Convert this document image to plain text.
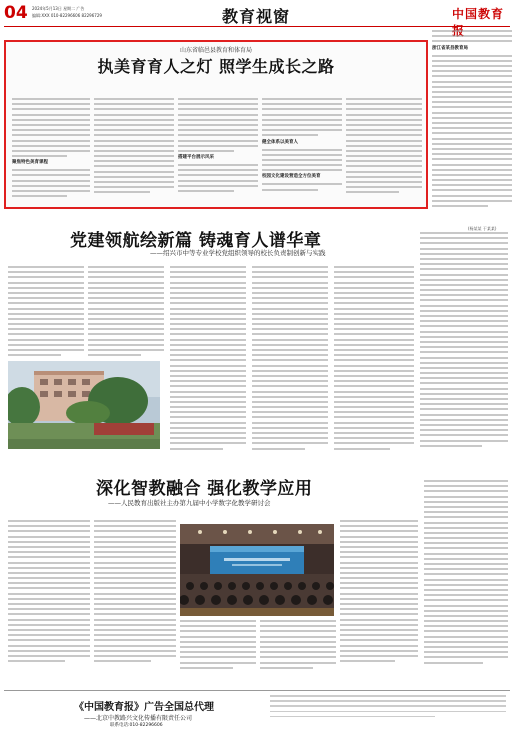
04 2024年5月13日 星期二 广告
编辑:XXX 010-82296606 82296729	教育视窗	中国教育
山东省临邑县教育和体育局
执美育育人之灯 照学生成长之路
聚焦特色美育课程
搭建平台展示风采
健全体系以美育人
校园文化建设营造全方位美育
浙江省某县教育局
(杨某某 于某某)
党建领航绘新篇 铸魂育人谱华章
——绍兴市中等专业学校党组织领导的校长负责制创新与实践
深化智教融合 强化教学应用
——人民教育出版社主办第九届中小学数字化教学研讨会
《中国教育报》广告全国总代理
——北京中教路兴文化传播有限责任公司
联系电话:010-82296606
